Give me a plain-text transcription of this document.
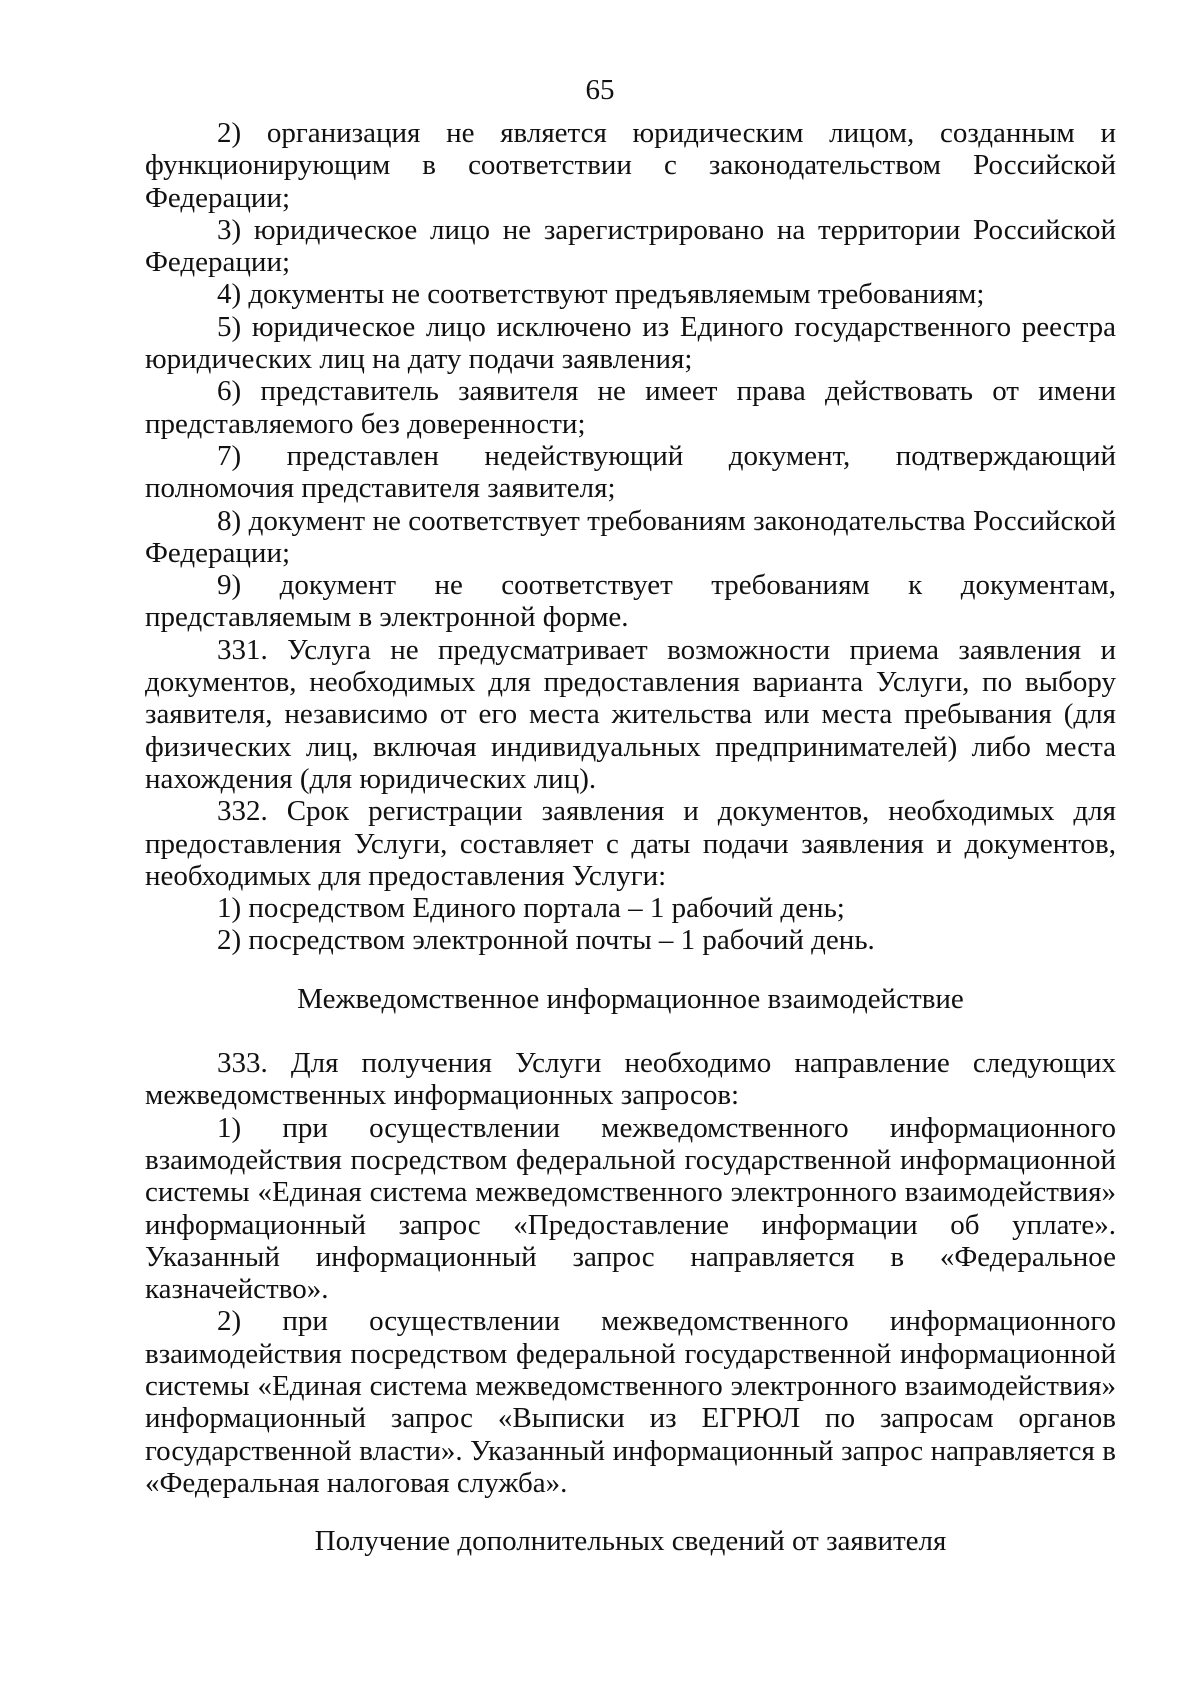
65

2) организация не является юридическим лицом, созданным и функционирующим в соответствии с законодательством Российской Федерации;

3) юридическое лицо не зарегистрировано на территории Российской Федерации;

4) документы не соответствуют предъявляемым требованиям;

5) юридическое лицо исключено из Единого государственного реестра юридических лиц на дату подачи заявления;

6) представитель заявителя не имеет права действовать от имени представляемого без доверенности;

7) представлен недействующий документ, подтверждающий полномочия представителя заявителя;

8) документ не соответствует требованиям законодательства Российской Федерации;

9) документ не соответствует требованиям к документам, представляемым в электронной форме.

331. Услуга не предусматривает возможности приема заявления и документов, необходимых для предоставления варианта Услуги, по выбору заявителя, независимо от его места жительства или места пребывания (для физических лиц, включая индивидуальных предпринимателей) либо места нахождения (для юридических лиц).

332. Срок регистрации заявления и документов, необходимых для предоставления Услуги, составляет с даты подачи заявления и документов, необходимых для предоставления Услуги:

1) посредством Единого портала – 1 рабочий день;

2) посредством электронной почты – 1 рабочий день.

Межведомственное информационное взаимодействие

333. Для получения Услуги необходимо направление следующих межведомственных информационных запросов:

1) при осуществлении межведомственного информационного взаимодействия посредством федеральной государственной информационной системы «Единая система межведомственного электронного взаимодействия» информационный запрос «Предоставление информации об уплате». Указанный информационный запрос направляется в «Федеральное казначейство».

2) при осуществлении межведомственного информационного взаимодействия посредством федеральной государственной информационной системы «Единая система межведомственного электронного взаимодействия» информационный запрос «Выписки из ЕГРЮЛ по запросам органов государственной власти». Указанный информационный запрос направляется в «Федеральная налоговая служба».

Получение дополнительных сведений от заявителя
